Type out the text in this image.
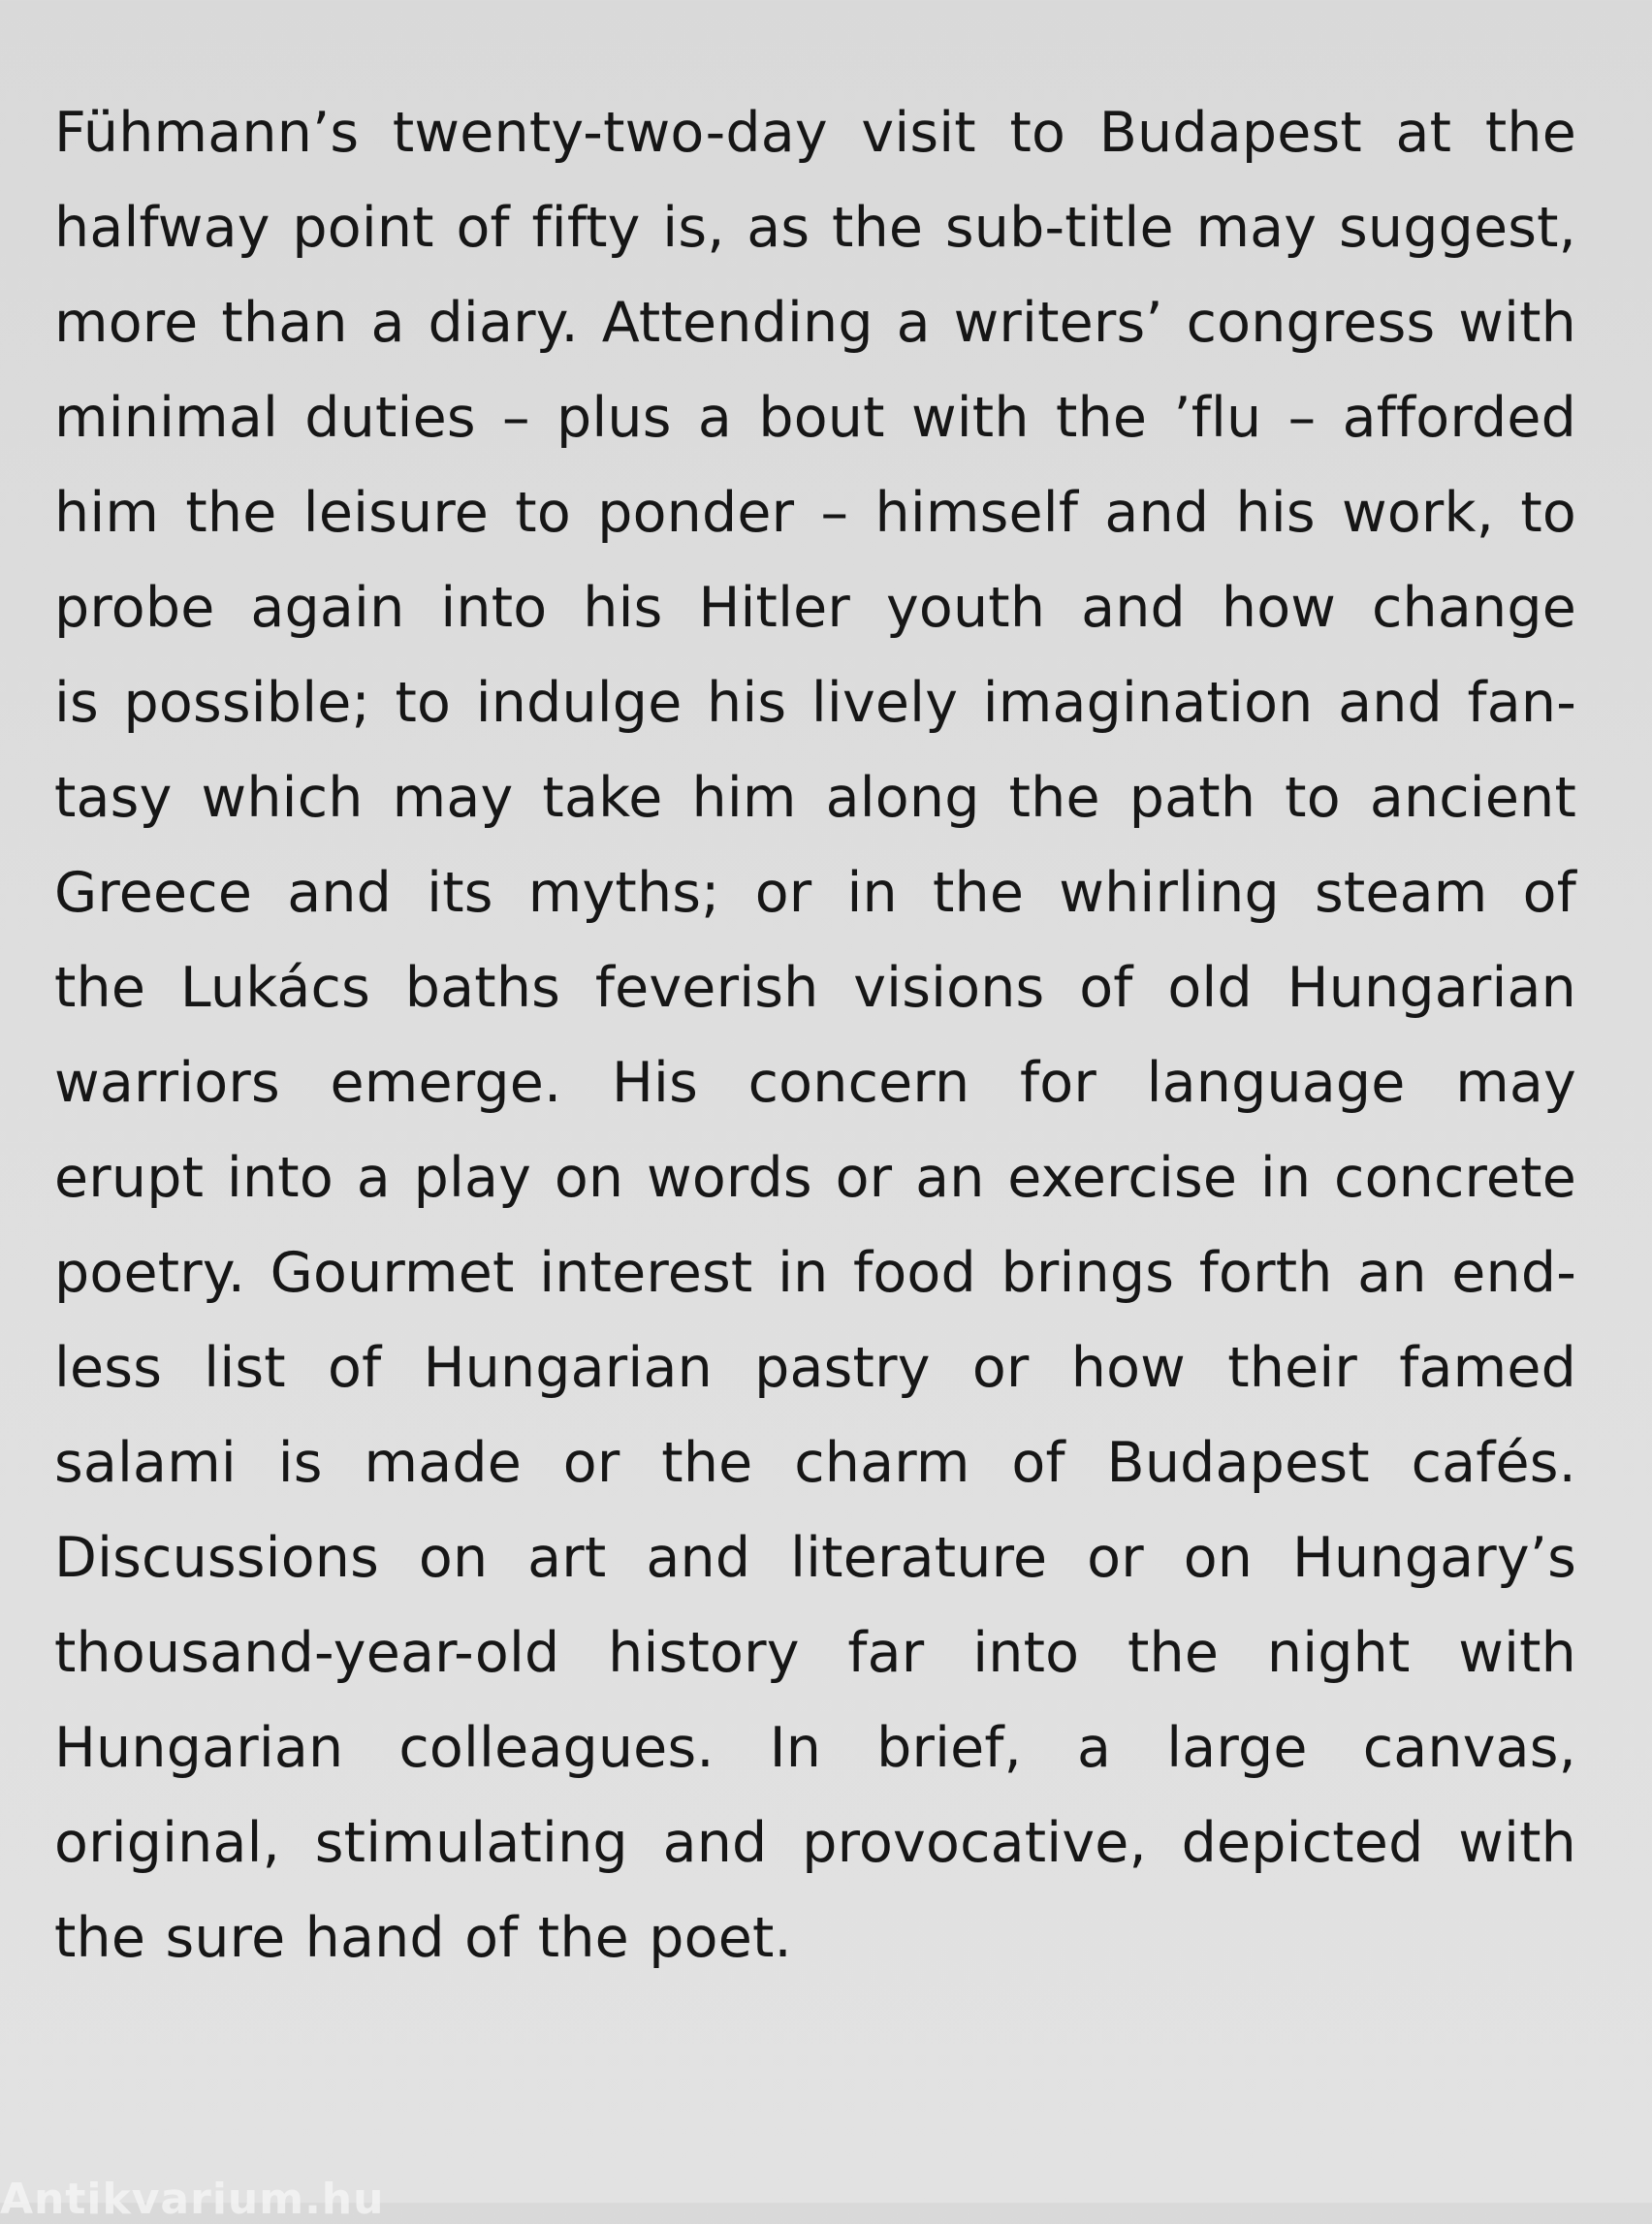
Fühmann’s twenty-two-day visit to Budapest at the
halfway point of fifty is, as the sub-title may suggest,
more than a diary. Attending a writers’ congress with
minimal duties – plus a bout with the ’flu – afforded
him the leisure to ponder – himself and his work, to
probe again into his Hitler youth and how change
is possible; to indulge his lively imagination and fan-
tasy which may take him along the path to ancient
Greece and its myths; or in the whirling steam of
the Lukács baths feverish visions of old Hungarian
warriors emerge. His concern for language may
erupt into a play on words or an exercise in concrete
poetry. Gourmet interest in food brings forth an end-
less list of Hungarian pastry or how their famed
salami is made or the charm of Budapest cafés.
Discussions on art and literature or on Hungary’s
thousand-year-old history far into the night with
Hungarian colleagues. In brief, a large canvas,
original, stimulating and provocative, depicted with
the sure hand of the poet.
Antikvarium.hu
